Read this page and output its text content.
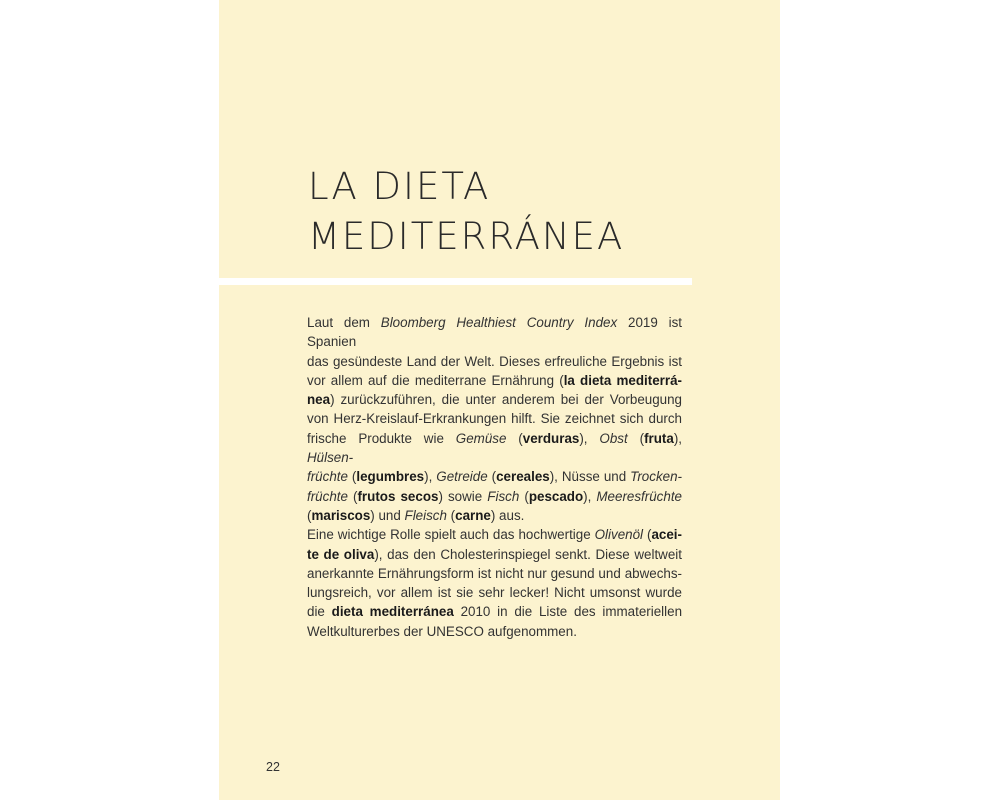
LA DIETA
MEDITERRÁNEA
Laut dem Bloomberg Healthiest Country Index 2019 ist Spanien
das gesündeste Land der Welt. Dieses erfreuliche Ergebnis ist
vor allem auf die mediterrane Ernährung (la dieta mediterrá-
nea) zurückzuführen, die unter anderem bei der Vorbeugung
von Herz-Kreislauf-Erkrankungen hilft. Sie zeichnet sich durch
frische Produkte wie Gemüse (verduras), Obst (fruta), Hülsen-
früchte (legumbres), Getreide (cereales), Nüsse und Trocken-
früchte (frutos secos) sowie Fisch (pescado), Meeresfrüchte
(mariscos) und Fleisch (carne) aus.
Eine wichtige Rolle spielt auch das hochwertige Olivenöl (acei-
te de oliva), das den Cholesterinspiegel senkt. Diese weltweit
anerkannte Ernährungsform ist nicht nur gesund und abwechs-
lungsreich, vor allem ist sie sehr lecker! Nicht umsonst wurde
die dieta mediterránea 2010 in die Liste des immateriellen
Weltkulturerbes der UNESCO aufgenommen.
22
